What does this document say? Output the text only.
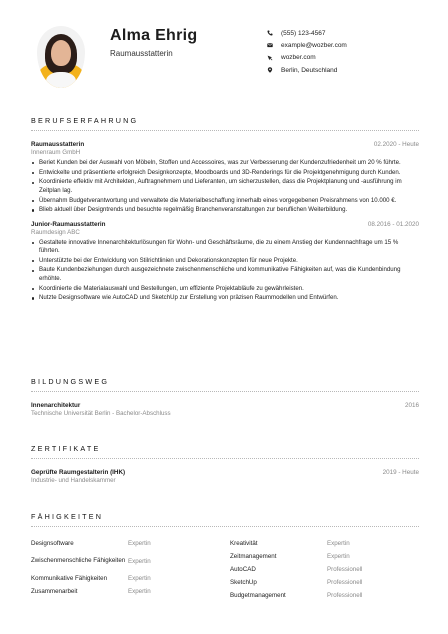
Alma Ehrig
Raumausstatterin
(555) 123-4567
example@wozber.com
wozber.com
Berlin, Deutschland
BERUFSERFAHRUNG
Raumausstatterin	02.2020 - Heute
Innenraum GmbH
Beriet Kunden bei der Auswahl von Möbeln, Stoffen und Accessoires, was zur Verbesserung der Kundenzufriedenheit um 20 % führte.
Entwickelte und präsentierte erfolgreich Designkonzepte, Moodboards und 3D-Renderings für die Projektgenehmigung durch Kunden.
Koordinierte effektiv mit Architekten, Auftragnehmern und Lieferanten, um sicherzustellen, dass die Projektplanung und -ausführung im Zeitplan lag.
Übernahm Budgetverantwortung und verwaltete die Materialbeschaffung innerhalb eines vorgegebenen Preisrahmens von 10.000 €.
Blieb aktuell über Designtrends und besuchte regelmäßig Branchenveranstaltungen zur beruflichen Weiterbildung.
Junior-Raumausstatterin	08.2016 - 01.2020
Raumdesign ABC
Gestaltete innovative Innenarchitekturlösungen für Wohn- und Geschäftsräume, die zu einem Anstieg der Kundennachfrage um 15 % führten.
Unterstützte bei der Entwicklung von Stilrichtlinien und Dekorationskonzepten für neue Projekte.
Baute Kundenbeziehungen durch ausgezeichnete zwischenmenschliche und kommunikative Fähigkeiten auf, was die Kundenbindung erhöhte.
Koordinierte die Materialauswahl und Bestellungen, um effiziente Projektabläufe zu gewährleisten.
Nutzte Designsoftware wie AutoCAD und SketchUp zur Erstellung von präzisen Raummodellen und Entwürfen.
BILDUNGSWEG
Innenarchitektur	2016
Technische Universität Berlin - Bachelor-Abschluss
ZERTIFIKATE
Geprüfte Raumgestalterin (IHK)	2019 - Heute
Industrie- und Handelskammer
FÄHIGKEITEN
Designsoftware	Expertin
Zwischenmenschliche Fähigkeiten Expertin
Kommunikative Fähigkeiten	Expertin
Zusammenarbeit	Expertin
Kreativität	Expertin
Zeitmanagement	Expertin
AutoCAD	Professionell
SketchUp	Professionell
Budgetmanagement	Professionell
